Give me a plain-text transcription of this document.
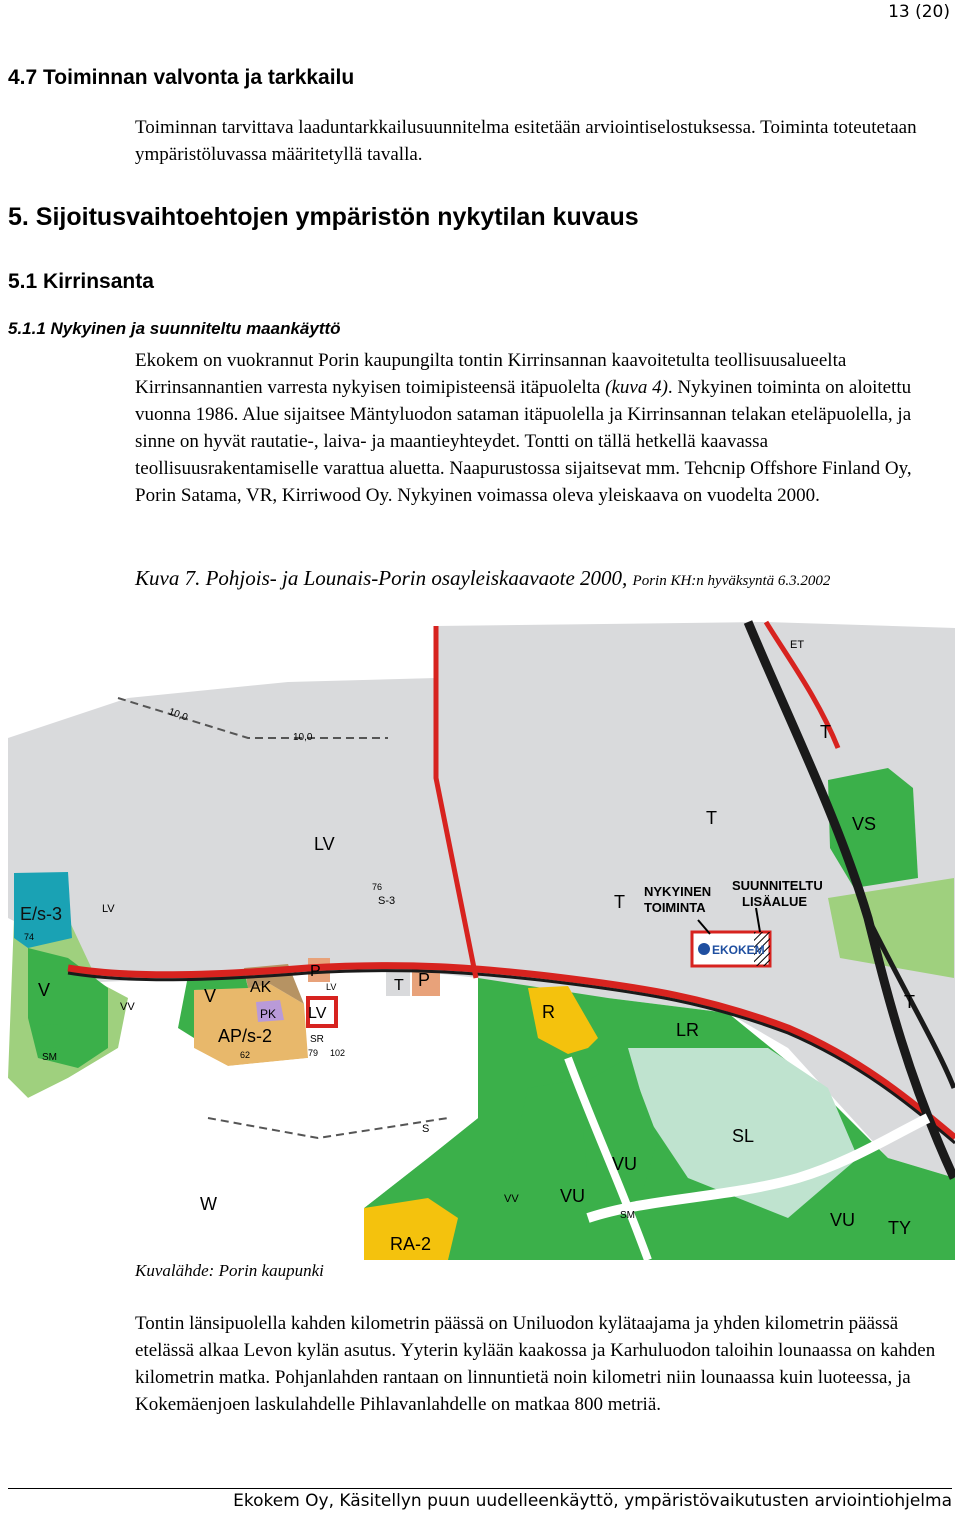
13 (20)
4.7 Toiminnan valvonta ja tarkkailu
Toiminnan tarvittava laaduntarkkailusuunnitelma esitetään arviointiselostuksessa. Toiminta toteutetaan ympäristöluvassa määritetyllä tavalla.
5. Sijoitusvaihtoehtojen ympäristön nykytilan kuvaus
5.1 Kirrinsanta
5.1.1 Nykyinen ja suunniteltu maankäyttö
Ekokem on vuokrannut Porin kaupungilta tontin Kirrinsannan kaavoitetulta teollisuusalueelta Kirrinsannantien varresta nykyisen toimipisteensä itäpuolelta (kuva 4). Nykyinen toiminta on aloitettu vuonna 1986. Alue sijaitsee Mäntyluodon sataman itäpuolella ja Kirrinsannan telakan eteläpuolella, ja sinne on hyvät rautatie-, laiva- ja maantieyhteydet. Tontti on tällä hetkellä kaavassa teollisuusrakentamiselle varattua aluetta. Naapurustossa sijaitsevat mm. Tehcnip Offshore Finland Oy, Porin Satama, VR, Kirriwood Oy. Nykyinen voimassa oleva yleiskaava on vuodelta 2000.
Kuva 7. Pohjois- ja Lounais-Porin osayleiskaavaote 2000, Porin KH:n hyväksyntä 6.3.2002
EKOKEM
10,0
10,0
LV
LV
T
T
T
T
T
VS
ET
E/s-3
74
76
S-3
V	V
VV
VV
SM
SM
AK
P	P
PK LV
LV
AP/s-2
62
SR
79 102
R
LR
SL
VU
VU
VU
S
W
RA-2
TY
NYKYINEN
TOIMINTA
SUUNNITELTU
LISÄALUE
Kuvalähde: Porin kaupunki
Tontin länsipuolella kahden kilometrin päässä on Uniluodon kylätaajama ja yhden kilometrin päässä etelässä alkaa Levon kylän asutus. Yyterin kylään kaakossa ja Karhuluodon taloihin lounaassa on kahden kilometrin matka. Pohjanlahden rantaan on linnuntietä noin kilometri niin lounaassa kuin luoteessa, ja Kokemäenjoen laskulahdelle Pihlavanlahdelle on matkaa 800 metriä.
Ekokem Oy, Käsitellyn puun uudelleenkäyttö, ympäristövaikutusten arviointiohjelma
